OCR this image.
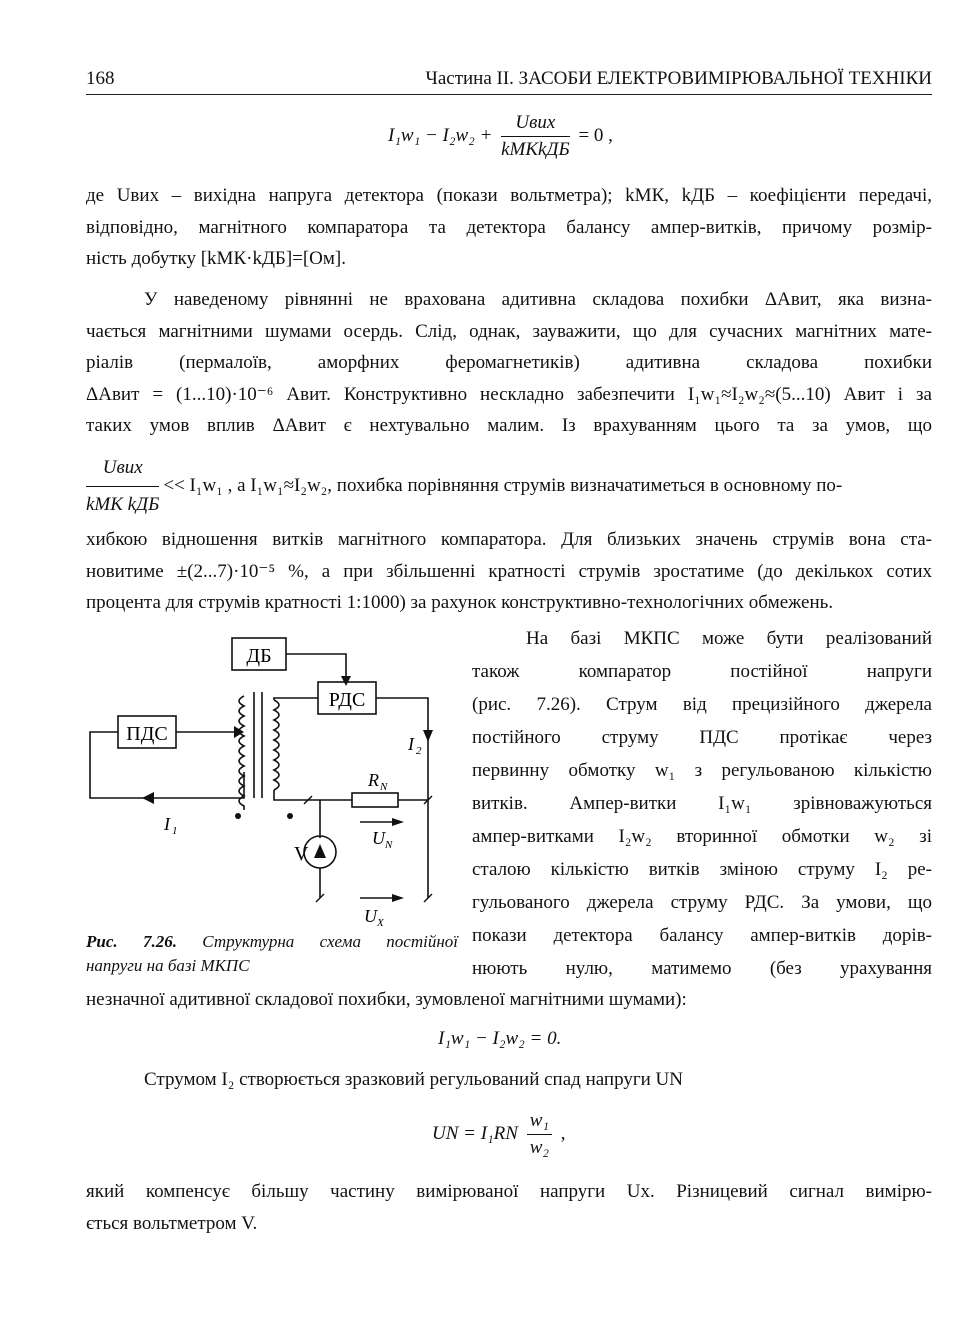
168	Частина II. ЗАСОБИ ЕЛЕКТРОВИМІРЮВАЛЬНОЇ ТЕХНІКИ
$I_1w_1 - I_2w_2 + \frac{\text{Uвих}}{\text{kМКkДБ}} = 0$ ,
де Uвих – вихідна напруга детектора (покази вольтметра); kМК, kДБ – коефіцієнти передачі,
відповідно, магнітного компаратора та детектора балансу ампер-витків, причому розмір-
ність добутку [kМК·kДБ]=[Ом].
У наведеному рівнянні не врахована адитивна складова похибки ΔАвит, яка визна-
чається магнітними шумами осердь. Слід, однак, зауважити, що для сучасних магнітних мате-
ріалів (пермалоїв, аморфних феромагнетиків) адитивна складова похибки
ΔАвит = (1...10)·10⁻⁶ Авит. Конструктивно нескладно забезпечити I₁w₁≈I₂w₂≈(5...10) Авит і за
таких умов вплив ΔАвит є нехтувально малим. Із врахуванням цього та за умов, що
$\frac{\text{Uвих}}{\text{kМК kДБ}} << I_1w_1$ , а I₁w₁≈I₂w₂, похибка порівняння струмів визначатиметься в основному по-
хибкою відношення витків магнітного компаратора. Для близьких значень струмів вона ста-
новитиме ±(2...7)·10⁻⁵ %, а при збільшенні кратності струмів зростатиме (до декількох сотих
процента для струмів кратності 1:1000) за рахунок конструктивно-технологічних обмежень.
ДБ
РДС
ПДС
I 1
I 2
R N
U N
V
U X
Рис. 7.26. Структурна схема постійної
напруги на базі МКПС
На базі МКПС може бути реалізований
також компаратор постійної напруги
(рис. 7.26). Струм від прецизійного джерела
постійного струму ПДС протікає через
первинну обмотку w₁ з регульованою кількістю
витків. Ампер-витки I₁w₁ зрівноважуються
ампер-витками I₂w₂ вторинної обмотки w₂ зі
сталою кількістю витків зміною струму I₂ ре-
гульованого джерела струму РДС. За умови, що
покази детектора балансу ампер-витків дорів-
нюють нулю, матимемо (без урахування
незначної адитивної складової похибки, зумовленої магнітними шумами):
I₁w₁ − I₂w₂ = 0.
Струмом I₂ створюється зразковий регульований спад напруги UN
UN = $I_1RN \frac{\text{w₁}}{\text{w₂}}$ ,
який компенсує більшу частину вимірюваної напруги Ux. Різницевий сигнал вимірю-
ється вольтметром V.
